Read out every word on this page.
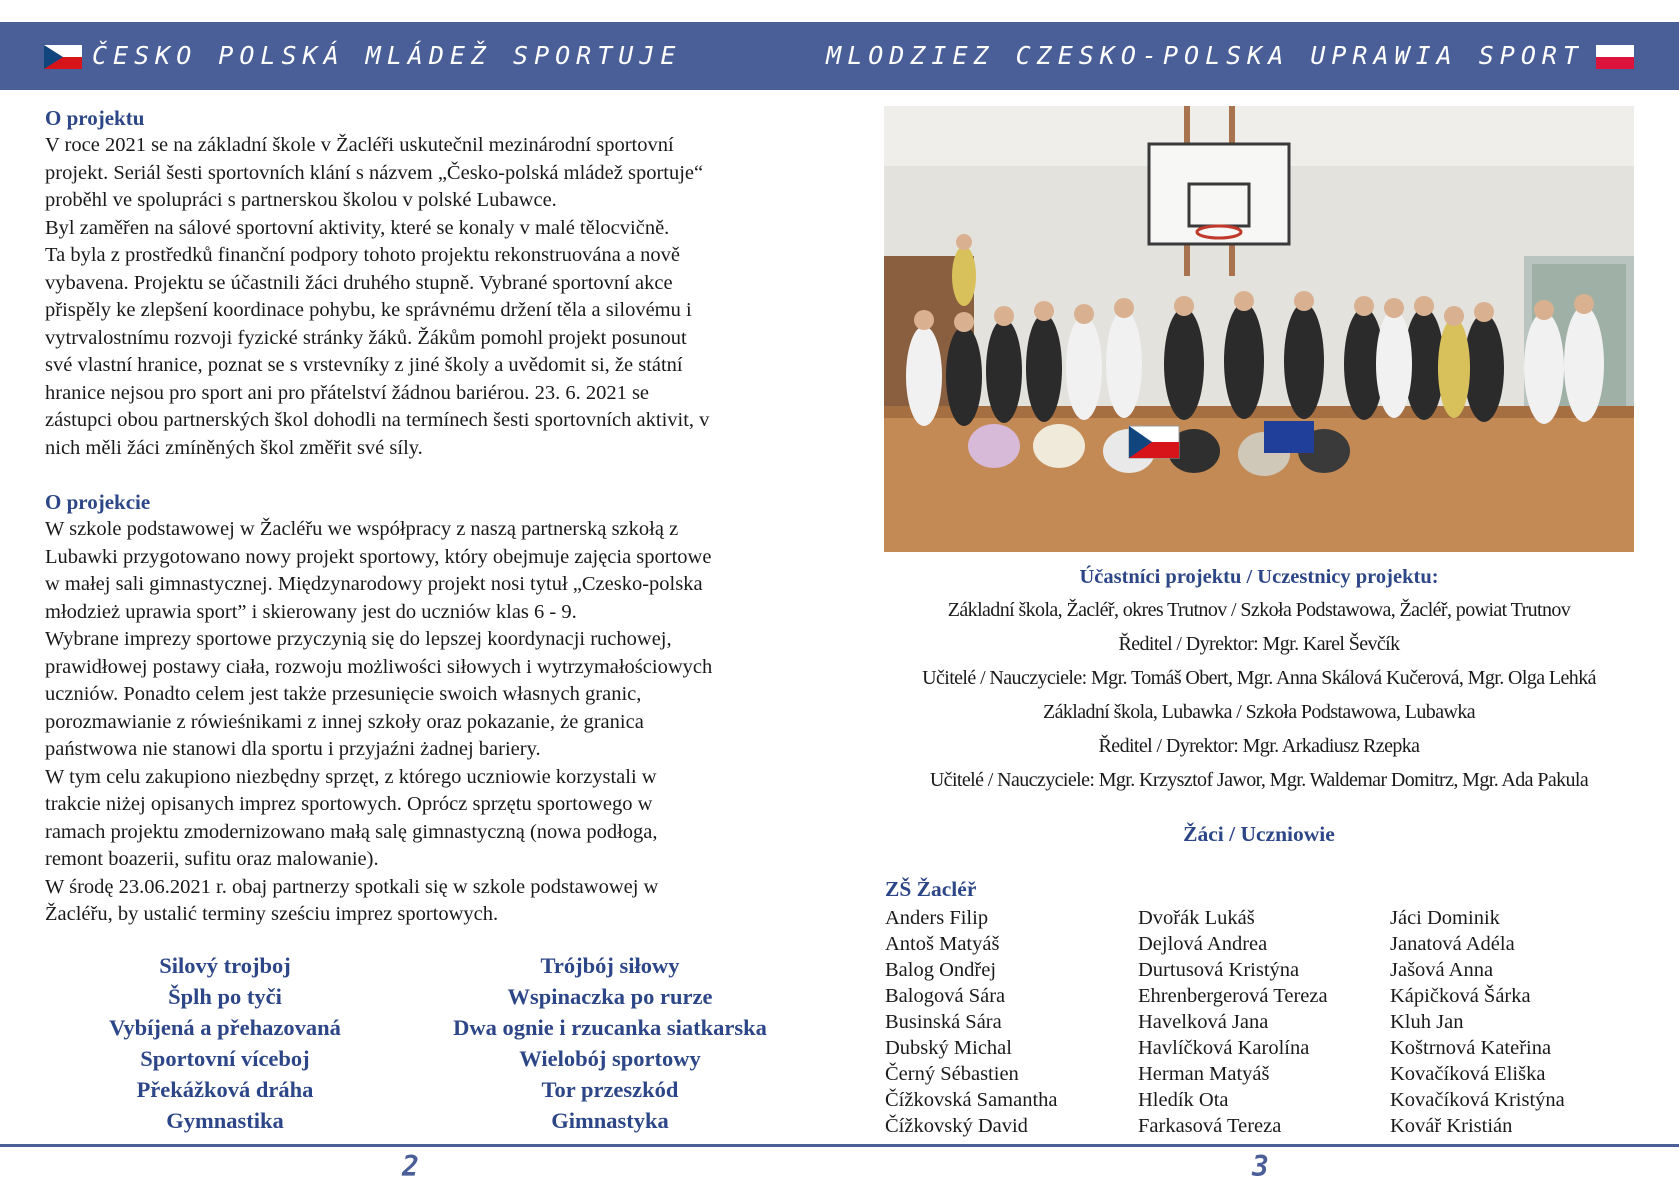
ČESKO POLSKÁ MLÁDEŽ SPORTUJE	MLODZIEZ CZESKO-POLSKA UPRAWIA SPORT
O projektu

V roce 2021 se na základní škole v Žacléři uskutečnil mezinárodní sportovní

projekt. Seriál šesti sportovních klání s názvem „Česko-polská mládež sportuje“

proběhl ve spolupráci s partnerskou školou v polské Lubawce.

Byl zaměřen na sálové sportovní aktivity, které se konaly v malé tělocvičně.

Ta byla z prostředků finanční podpory tohoto projektu rekonstruována a nově

vybavena. Projektu se účastnili žáci druhého stupně. Vybrané sportovní akce

přispěly ke zlepšení koordinace pohybu, ke správnému držení těla a silovému i

vytrvalostnímu rozvoji fyzické stránky žáků. Žákům pomohl projekt posunout

své vlastní hranice, poznat se s vrstevníky z jiné školy a uvědomit si, že státní

hranice nejsou pro sport ani pro přátelství žádnou bariérou. 23. 6. 2021 se

zástupci obou partnerských škol dohodli na termínech šesti sportovních aktivit, v

nich měli žáci zmíněných škol změřit své síly.

O projekcie

W szkole podstawowej w Žacléřu we współpracy z naszą partnerską szkołą z

Lubawki przygotowano nowy projekt sportowy, który obejmuje zajęcia sportowe

w małej sali gimnastycznej. Międzynarodowy projekt nosi tytuł „Czesko-polska

młodzież uprawia sport” i skierowany jest do uczniów klas 6 - 9.

Wybrane imprezy sportowe przyczynią się do lepszej koordynacji ruchowej,

prawidłowej postawy ciała, rozwoju możliwości siłowych i wytrzymałościowych

uczniów. Ponadto celem jest także przesunięcie swoich własnych granic,

porozmawianie z rówieśnikami z innej szkoły oraz pokazanie, że granica

państwowa nie stanowi dla sportu i przyjaźni żadnej bariery.

W tym celu zakupiono niezbędny sprzęt, z którego uczniowie korzystali w

trakcie niżej opisanych imprez sportowych. Oprócz sprzętu sportowego w

ramach projektu zmodernizowano małą salę gimnastyczną (nowa podłoga,

remont boazerii, sufitu oraz malowanie).

W środę 23.06.2021 r. obaj partnerzy spotkali się w szkole podstawowej w

Žacléřu, by ustalić terminy sześciu imprez sportowych.

Silový trojboj
Šplh po tyči
Vybíjená a přehazovaná
Sportovní víceboj
Překážková dráha
Gymnastika
Trójbój siłowy
Wspinaczka po rurze
Dwa ognie i rzucanka siatkarska
Wielobój sportowy
Tor przeszkód
Gimnastyka
Účastníci projektu / Uczestnicy projektu:
Základní škola, Žacléř, okres Trutnov / Szkoła Podstawowa, Žacléř, powiat Trutnov
Ředitel / Dyrektor: Mgr. Karel Ševčík
Učitelé / Nauczyciele: Mgr. Tomáš Obert, Mgr. Anna Skálová Kučerová, Mgr. Olga Lehká
Základní škola, Lubawka / Szkoła Podstawowa, Lubawka
Ředitel / Dyrektor: Mgr. Arkadiusz Rzepka
Učitelé / Nauczyciele: Mgr. Krzysztof Jawor, Mgr. Waldemar Domitrz, Mgr. Ada Pakula
Žáci / Uczniowie
ZŠ Žacléř
Anders Filip
Antoš Matyáš
Balog Ondřej
Balogová Sára
Businská Sára
Dubský Michal
Černý Sébastien
Čížkovská Samantha
Čížkovský David
Dvořák Lukáš
Dejlová Andrea
Durtusová Kristýna
Ehrenbergerová Tereza
Havelková Jana
Havlíčková Karolína
Herman Matyáš
Hledík Ota
Farkasová Tereza
Jáci Dominik
Janatová Adéla
Jašová Anna
Kápičková Šárka
Kluh Jan
Koštrnová Kateřina
Kovačíková Eliška
Kovačíková Kristýna
Kovář Kristián
2	3
